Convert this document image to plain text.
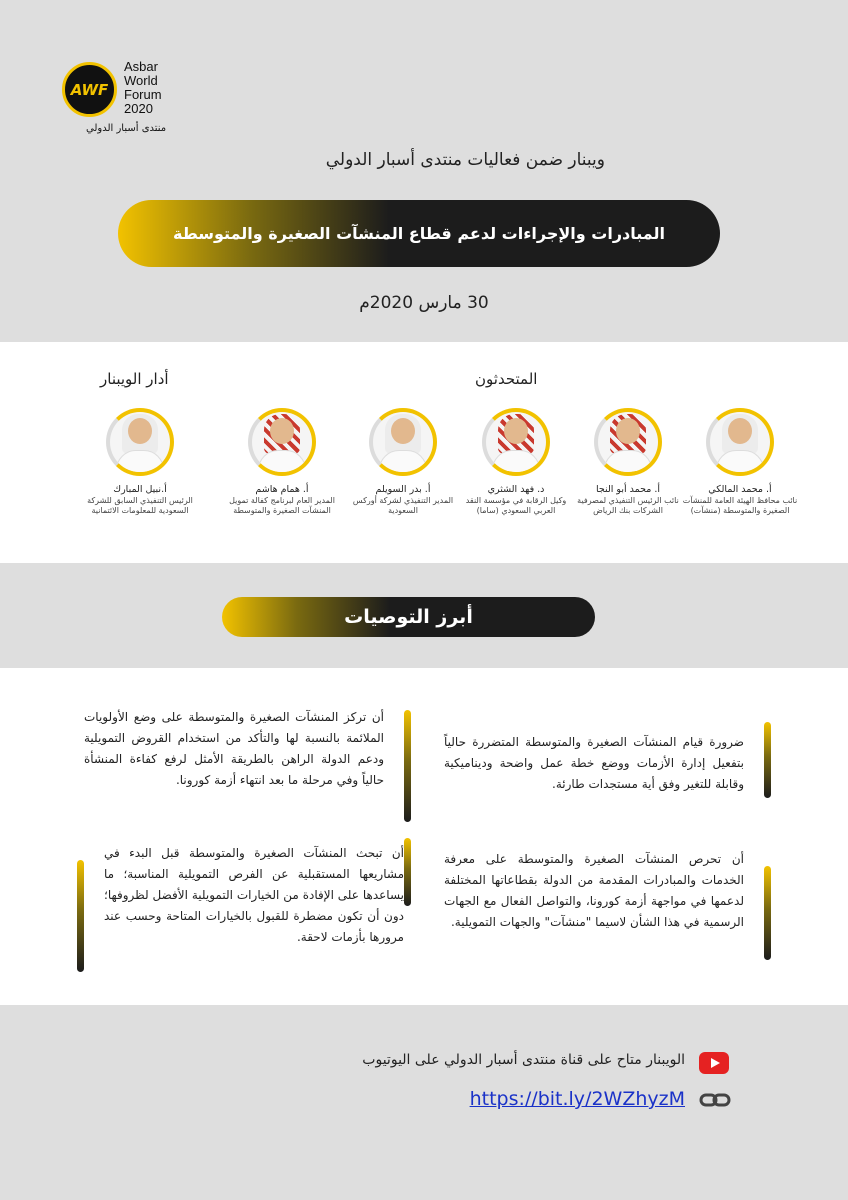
AWF
Asbar
World
Forum
2020
منتدى أسبار الدولي
ويبنار ضمن فعاليات منتدى أسبار الدولي
المبادرات والإجراءات لدعم قطاع المنشآت الصغيرة والمتوسطة
30 مارس 2020م
المتحدثون
أدار الويبنار
أ. محمد المالكي
نائب محافظ الهيئة العامة للمنشآت الصغيرة والمتوسطة (منشآت)
أ. محمد أبو النجا
نائب الرئيس التنفيذي لمصرفية الشركات بنك الرياض
د. فهد الشثري
وكيل الرقابة في مؤسسة النقد العربي السعودي (ساما)
أ. بدر السويلم
المدير التنفيذي لشركة أوركس السعودية
أ. همام هاشم
المدير العام لبرنامج كفالة تمويل المنشآت الصغيرة والمتوسطة
أ.نبيل المبارك
الرئيس التنفيذي السابق للشركة السعودية للمعلومات الائتمانية
أبرز التوصيات
ضرورة قيام المنشآت الصغيرة والمتوسطة المتضررة حالياً بتفعيل إدارة الأزمات ووضع خطة عمل واضحة وديناميكية وقابلة للتغير وفق أية مستجدات طارئة.
أن تركز المنشآت الصغيرة والمتوسطة على وضع الأولويات الملائمة بالنسبة لها والتأكد من استخدام القروض التمويلية ودعم الدولة الراهن بالطريقة الأمثل لرفع كفاءة المنشأة حالياً وفي مرحلة ما بعد انتهاء أزمة كورونا.
أن تحرص المنشآت الصغيرة والمتوسطة على معرفة الخدمات والمبادرات المقدمة من الدولة بقطاعاتها المختلفة لدعمها في مواجهة أزمة كورونا، والتواصل الفعال مع الجهات الرسمية في هذا الشأن لاسيما "منشآت" والجهات التمويلية.
أن تبحث المنشآت الصغيرة والمتوسطة قبل البدء في مشاريعها المستقبلية عن الفرص التمويلية المناسبة؛ ما يساعدها على الإفادة من الخيارات التمويلية الأفضل لظروفها؛ دون أن تكون مضطرة للقبول بالخيارات المتاحة وحسب عند مرورها بأزمات لاحقة.
الويبنار متاح على قناة منتدى أسبار الدولي على اليوتيوب
https://bit.ly/2WZhyzM
